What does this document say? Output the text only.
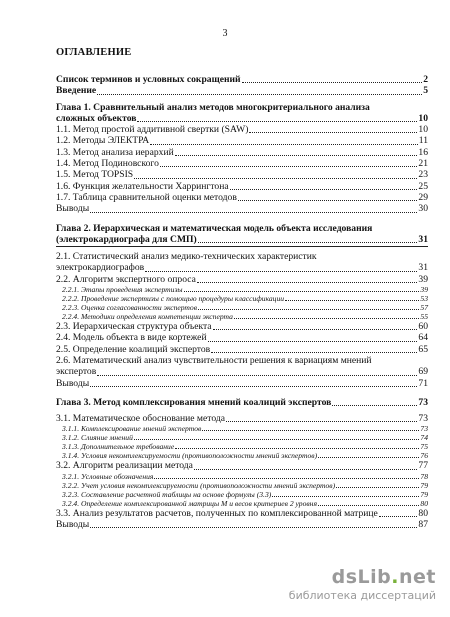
3
ОГЛАВЛЕНИЕ
Список терминов и условных сокращений	2
Введение	5
Глава 1. Сравнительный анализ методов многокритериального анализа
сложных объектов	10
1.1. Метод простой аддитивной свертки (SAW)	10
1.2. Методы ЭЛЕКТРА	11
1.3. Метод анализа иерархий	16
1.4. Метод Подиновского	21
1.5. Метод TOPSIS	23
1.6. Функция желательности Харрингтона	25
1.7. Таблица сравнительной оценки методов	29
Выводы	30
Глава 2. Иерархическая и математическая модель объекта исследования
(электрокардиографа для СМП)	31
2.1. Статистический анализ медико-технических характеристик
электрокардиографов	31
2.2. Алгоритм экспертного опроса	39
2.2.1. Этапы проведения экспертизы	39
2.2.2. Проведение экспертизы с помощью процедуры классификации	53
2.2.3. Оценка согласованности экспертов	57
2.2.4. Методики определения компетенции эксперта	55
2.3. Иерархическая структура объекта	60
2.4. Модель объекта в виде кортежей	64
2.5. Определение коалиций экспертов	65
2.6. Математический анализ чувствительности решения к вариациям мнений
экспертов	69
Выводы	71
Глава 3. Метод комплексирования мнений коалиций экспертов	73
3.1. Математическое обоснование метода	73
3.1.1. Комплексирование мнений экспертов	73
3.1.2. Слияние мнений	74
3.1.3. Дополнительное требование	75
3.1.4. Условия некомплексируемости (противоположности мнений экспертов)	76
3.2. Алгоритм реализации метода	77
3.2.1. Условные обозначения	78
3.2.2. Учет условия некомплексируемости (противоположности мнений экспертов)	79
3.2.3. Составление расчетной таблицы на основе формулы (3.3)	79
3.2.4. Определение комплексированной матрицы M и весов критериев 2 уровня	80
3.3. Анализ результатов расчетов, полученных по комплексированной матрице	80
Выводы	87
dsLib.net
библиотека диссертаций
